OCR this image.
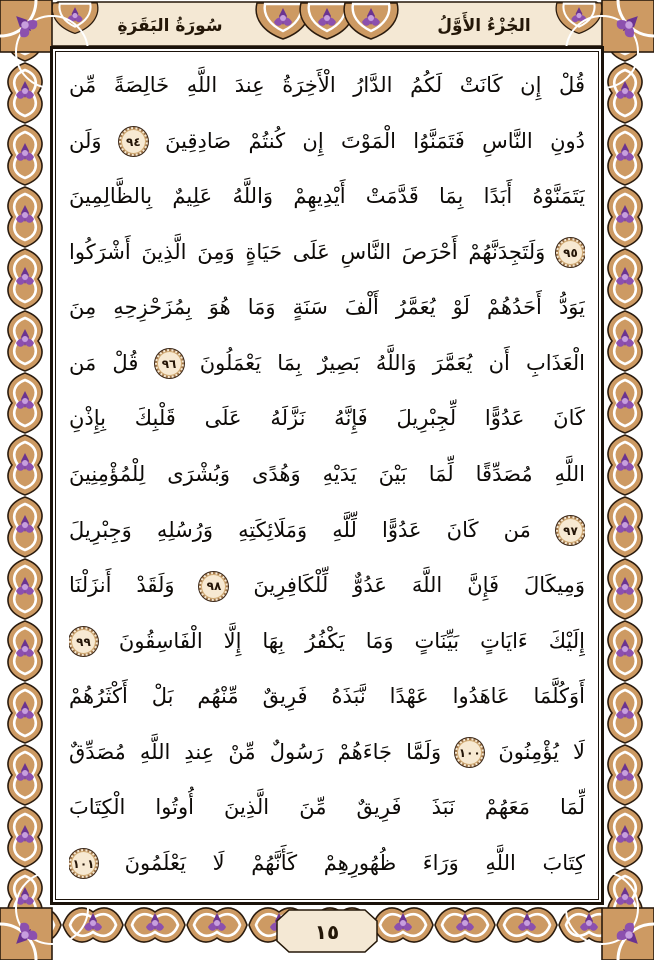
الجُزْءُ الأَوَّلُ
سُورَةُ البَقَرَةِ
قُلْ إِن كَانَتْ لَكُمُ الدَّارُ الْأَخِرَةُ عِندَ اللَّهِ خَالِصَةً مِّن
دُونِ النَّاسِ فَتَمَنَّوُا الْمَوْتَ إِن كُنتُمْ صَادِقِينَ ٩٤ وَلَن
يَتَمَنَّوْهُ أَبَدًا بِمَا قَدَّمَتْ أَيْدِيهِمْ وَاللَّهُ عَلِيمٌ بِالظَّالِمِينَ
٩٥ وَلَتَجِدَنَّهُمْ أَحْرَصَ النَّاسِ عَلَى حَيَاةٍ وَمِنَ الَّذِينَ أَشْرَكُوا
يَوَدُّ أَحَدُهُمْ لَوْ يُعَمَّرُ أَلْفَ سَنَةٍ وَمَا هُوَ بِمُزَحْزِحِهِ مِنَ
الْعَذَابِ أَن يُعَمَّرَ وَاللَّهُ بَصِيرٌ بِمَا يَعْمَلُونَ ٩٦ قُلْ مَن
كَانَ عَدُوًّا لِّجِبْرِيلَ فَإِنَّهُ نَزَّلَهُ عَلَى قَلْبِكَ بِإِذْنِ
اللَّهِ مُصَدِّقًا لِّمَا بَيْنَ يَدَيْهِ وَهُدًى وَبُشْرَى لِلْمُؤْمِنِينَ
٩٧ مَن كَانَ عَدُوًّا لِّلَّهِ وَمَلَائِكَتِهِ وَرُسُلِهِ وَجِبْرِيلَ
وَمِيكَالَ فَإِنَّ اللَّهَ عَدُوٌّ لِّلْكَافِرِينَ ٩٨ وَلَقَدْ أَنزَلْنَا
إِلَيْكَ ءَايَاتٍ بَيِّنَاتٍ وَمَا يَكْفُرُ بِهَا إِلَّا الْفَاسِقُونَ ٩٩
أَوَكُلَّمَا عَاهَدُوا عَهْدًا نَّبَذَهُ فَرِيقٌ مِّنْهُم بَلْ أَكْثَرُهُمْ
لَا يُؤْمِنُونَ ١٠٠ وَلَمَّا جَاءَهُمْ رَسُولٌ مِّنْ عِندِ اللَّهِ مُصَدِّقٌ
لِّمَا مَعَهُمْ نَبَذَ فَرِيقٌ مِّنَ الَّذِينَ أُوتُوا الْكِتَابَ
كِتَابَ اللَّهِ وَرَاءَ ظُهُورِهِمْ كَأَنَّهُمْ لَا يَعْلَمُونَ ١٠١
١٥
